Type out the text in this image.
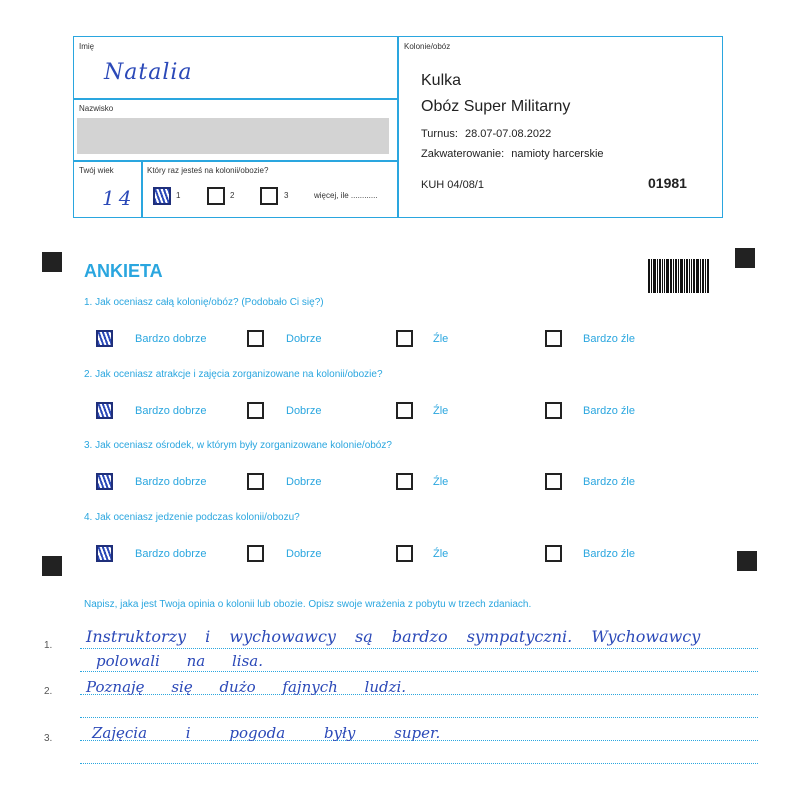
Imię
Natalia
Nazwisko
Twój wiek
14
Który raz jesteś na kolonii/obozie?
1	2	3	więcej, ile ............
Kolonie/obóz
Kulka
Obóz Super Militarny
Turnus: 28.07-07.08.2022
Zakwaterowanie: namioty harcerskie
KUH 04/08/1	01981
ANKIETA
1. Jak oceniasz całą kolonię/obóz? (Podobało Ci się?)
Bardzo dobrze	Dobrze	Źle	Bardzo źle
2. Jak oceniasz atrakcje i zajęcia zorganizowane na kolonii/obozie?
Bardzo dobrze	Dobrze	Źle	Bardzo źle
3. Jak oceniasz ośrodek, w którym były zorganizowane kolonie/obóz?
Bardzo dobrze	Dobrze	Źle	Bardzo źle
4. Jak oceniasz jedzenie podczas kolonii/obozu?
Bardzo dobrze	Dobrze	Źle	Bardzo źle
Napisz, jaka jest Twoja opinia o kolonii lub obozie. Opisz swoje wrażenia z pobytu w trzech zdaniach.
1.
2.
3.
Instruktorzy i wychowawcy są bardzo sympatyczni. Wychowawcy
polowali na lisa.
Poznaję się dużo fajnych ludzi.
Zajęcia i pogoda były super.
